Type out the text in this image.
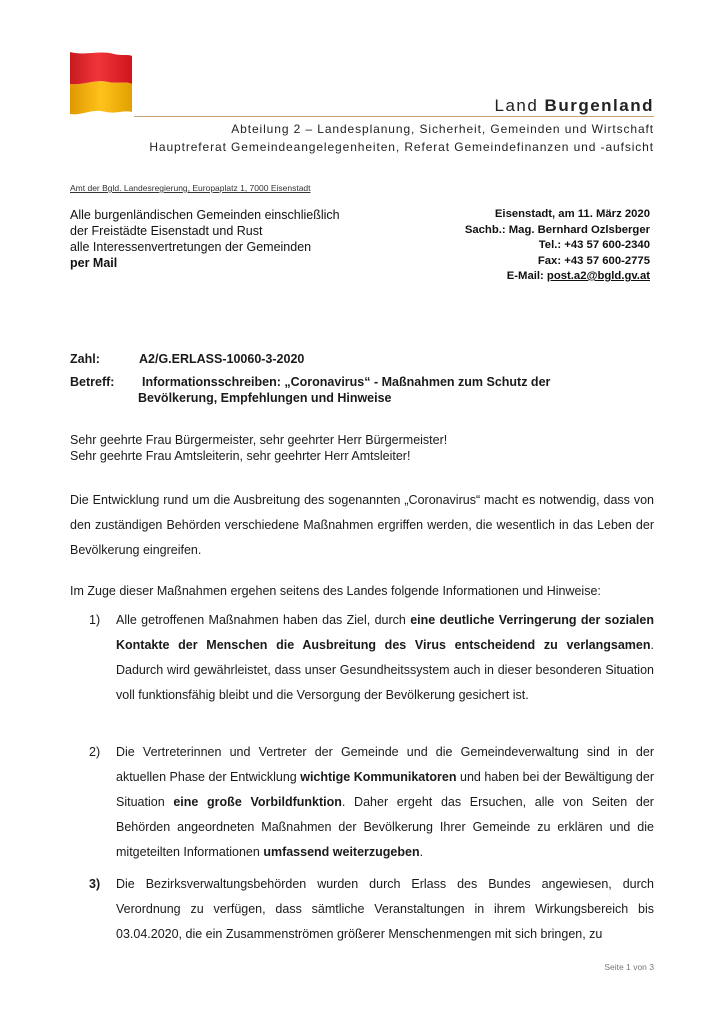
Land Burgenland
Abteilung 2 – Landesplanung, Sicherheit, Gemeinden und Wirtschaft
Hauptreferat Gemeindeangelegenheiten, Referat Gemeindefinanzen und -aufsicht
Amt der Bgld. Landesregierung, Europaplatz 1, 7000 Eisenstadt
Alle burgenländischen Gemeinden einschließlich
der Freistädte Eisenstadt und Rust
alle Interessenvertretungen der Gemeinden
per Mail
Eisenstadt, am 11. März 2020
Sachb.: Mag. Bernhard Ozlsberger
Tel.: +43 57 600-2340
Fax: +43 57 600-2775
E-Mail: post.a2@bgld.gv.at
Zahl:	A2/G.ERLASS-10060-3-2020
Betreff: Informationsschreiben: „Coronavirus“ - Maßnahmen zum Schutz der
Bevölkerung, Empfehlungen und Hinweise
Sehr geehrte Frau Bürgermeister, sehr geehrter Herr Bürgermeister!
Sehr geehrte Frau Amtsleiterin, sehr geehrter Herr Amtsleiter!
Die Entwicklung rund um die Ausbreitung des sogenannten „Coronavirus“ macht es notwendig, dass von den zuständigen Behörden verschiedene Maßnahmen ergriffen werden, die wesentlich in das Leben der Bevölkerung eingreifen.
Im Zuge dieser Maßnahmen ergehen seitens des Landes folgende Informationen und Hinweise:
1) Alle getroffenen Maßnahmen haben das Ziel, durch eine deutliche Verringerung der sozialen Kontakte der Menschen die Ausbreitung des Virus entscheidend zu verlangsamen. Dadurch wird gewährleistet, dass unser Gesundheitssystem auch in dieser besonderen Situation voll funktionsfähig bleibt und die Versorgung der Bevölkerung gesichert ist.
2) Die Vertreterinnen und Vertreter der Gemeinde und die Gemeindeverwaltung sind in der aktuellen Phase der Entwicklung wichtige Kommunikatoren und haben bei der Bewältigung der Situation eine große Vorbildfunktion. Daher ergeht das Ersuchen, alle von Seiten der Behörden angeordneten Maßnahmen der Bevölkerung Ihrer Gemeinde zu erklären und die mitgeteilten Informationen umfassend weiterzugeben.
3) Die Bezirksverwaltungsbehörden wurden durch Erlass des Bundes angewiesen, durch Verordnung zu verfügen, dass sämtliche Veranstaltungen in ihrem Wirkungsbereich bis 03.04.2020, die ein Zusammenströmen größerer Menschenmengen mit sich bringen, zu
Seite 1 von 3
